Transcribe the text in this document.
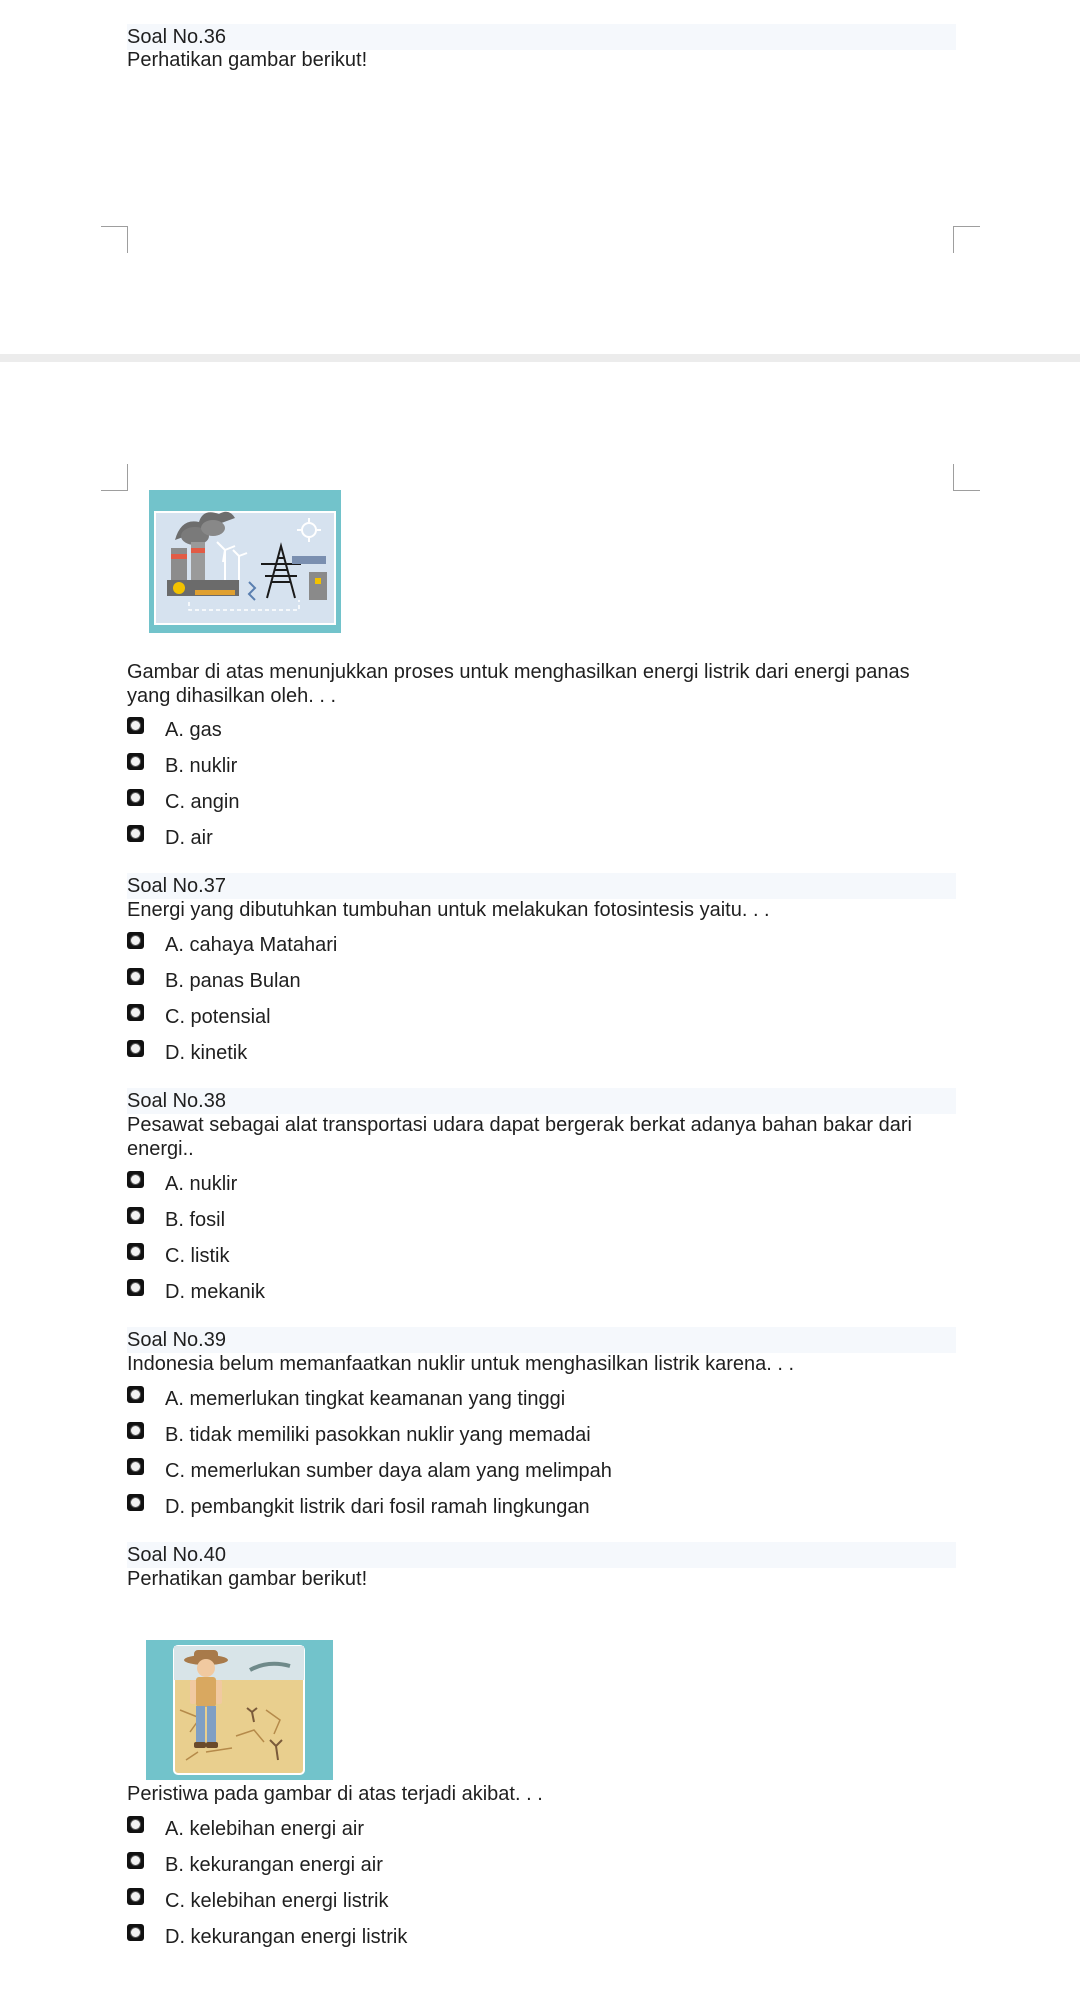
Soal No.36
Perhatikan gambar berikut!
Gambar di atas menunjukkan proses untuk menghasilkan energi listrik dari energi panas yang dihasilkan oleh. . .
A. gas
B. nuklir
C. angin
D. air
Soal No.37
Energi yang dibutuhkan tumbuhan untuk melakukan fotosintesis yaitu. . .
A. cahaya Matahari
B. panas Bulan
C. potensial
D. kinetik
Soal No.38
Pesawat sebagai alat transportasi udara dapat bergerak berkat adanya bahan bakar dari energi..
A. nuklir
B. fosil
C. listik
D. mekanik
Soal No.39
Indonesia belum memanfaatkan nuklir untuk menghasilkan listrik karena. . .
A. memerlukan tingkat keamanan yang tinggi
B. tidak memiliki pasokkan nuklir yang memadai
C. memerlukan sumber daya alam yang melimpah
D. pembangkit listrik dari fosil ramah lingkungan
Soal No.40
Perhatikan gambar berikut!
Peristiwa pada gambar di atas terjadi akibat. . .
A. kelebihan energi air
B. kekurangan energi air
C. kelebihan energi listrik
D. kekurangan energi listrik
